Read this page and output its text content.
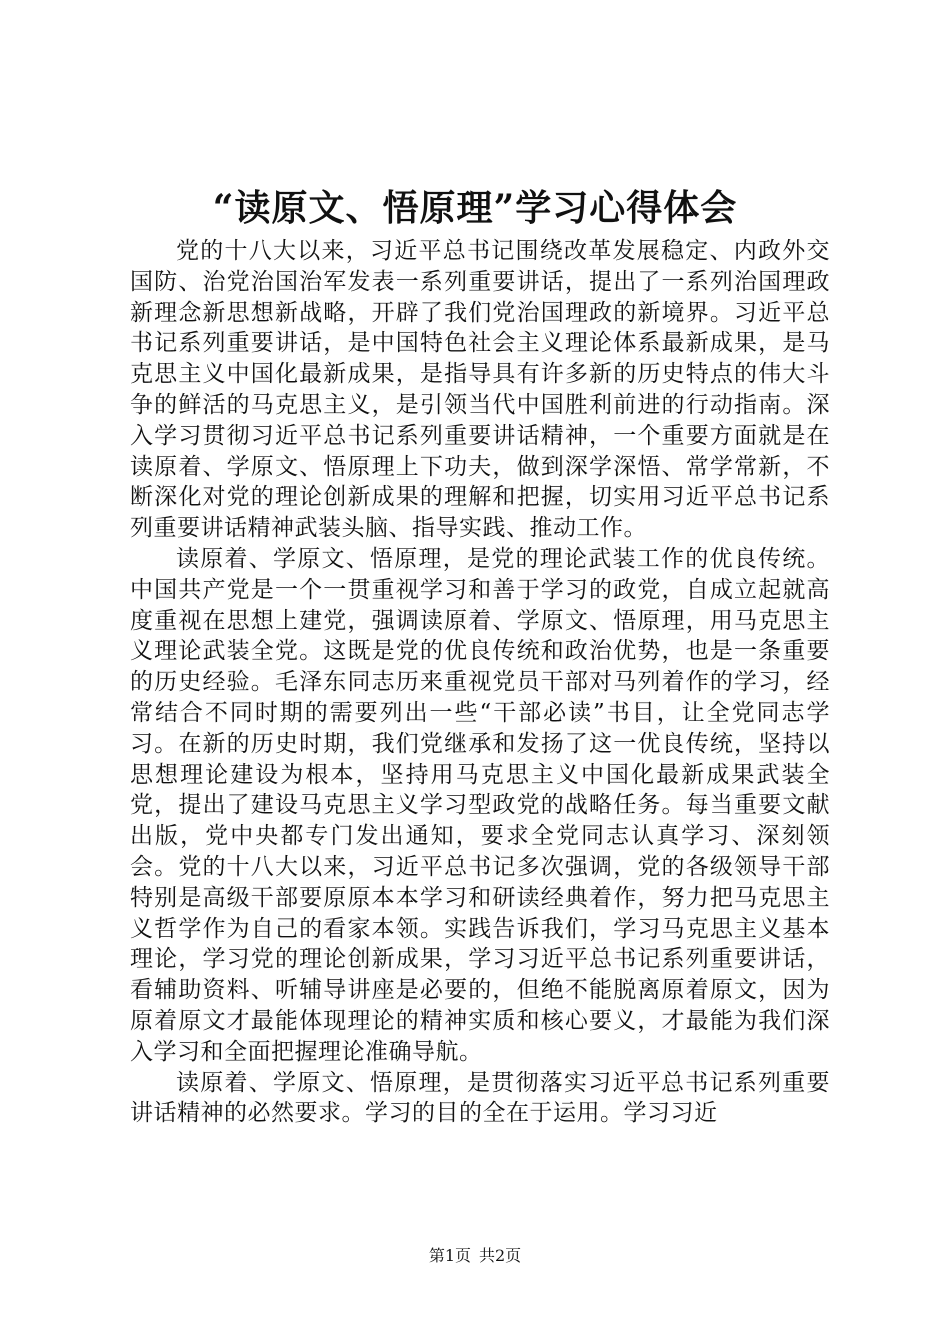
“读原文、悟原理”学习心得体会

党的十八大以来，习近平总书记围绕改革发展稳定、内政外交国防、治党治国治军发表一系列重要讲话，提出了一系列治国理政新理念新思想新战略，开辟了我们党治国理政的新境界。习近平总书记系列重要讲话，是中国特色社会主义理论体系最新成果，是马克思主义中国化最新成果，是指导具有许多新的历史特点的伟大斗争的鲜活的马克思主义，是引领当代中国胜利前进的行动指南。深入学习贯彻习近平总书记系列重要讲话精神，一个重要方面就是在读原着、学原文、悟原理上下功夫，做到深学深悟、常学常新，不断深化对党的理论创新成果的理解和把握，切实用习近平总书记系列重要讲话精神武装头脑、指导实践、推动工作。

读原着、学原文、悟原理，是党的理论武装工作的优良传统。中国共产党是一个一贯重视学习和善于学习的政党，自成立起就高度重视在思想上建党，强调读原着、学原文、悟原理，用马克思主义理论武装全党。这既是党的优良传统和政治优势，也是一条重要的历史经验。毛泽东同志历来重视党员干部对马列着作的学习，经常结合不同时期的需要列出一些“干部必读”书目，让全党同志学习。在新的历史时期，我们党继承和发扬了这一优良传统，坚持以思想理论建设为根本，坚持用马克思主义中国化最新成果武装全党，提出了建设马克思主义学习型政党的战略任务。每当重要文献出版，党中央都专门发出通知，要求全党同志认真学习、深刻领会。党的十八大以来，习近平总书记多次强调，党的各级领导干部特别是高级干部要原原本本学习和研读经典着作，努力把马克思主义哲学作为自己的看家本领。实践告诉我们，学习马克思主义基本理论，学习党的理论创新成果，学习习近平总书记系列重要讲话，看辅助资料、听辅导讲座是必要的，但绝不能脱离原着原文，因为原着原文才最能体现理论的精神实质和核心要义，才最能为我们深入学习和全面把握理论准确导航。

读原着、学原文、悟原理，是贯彻落实习近平总书记系列重要讲话精神的必然要求。学习的目的全在于运用。学习习近

第1页 共2页
